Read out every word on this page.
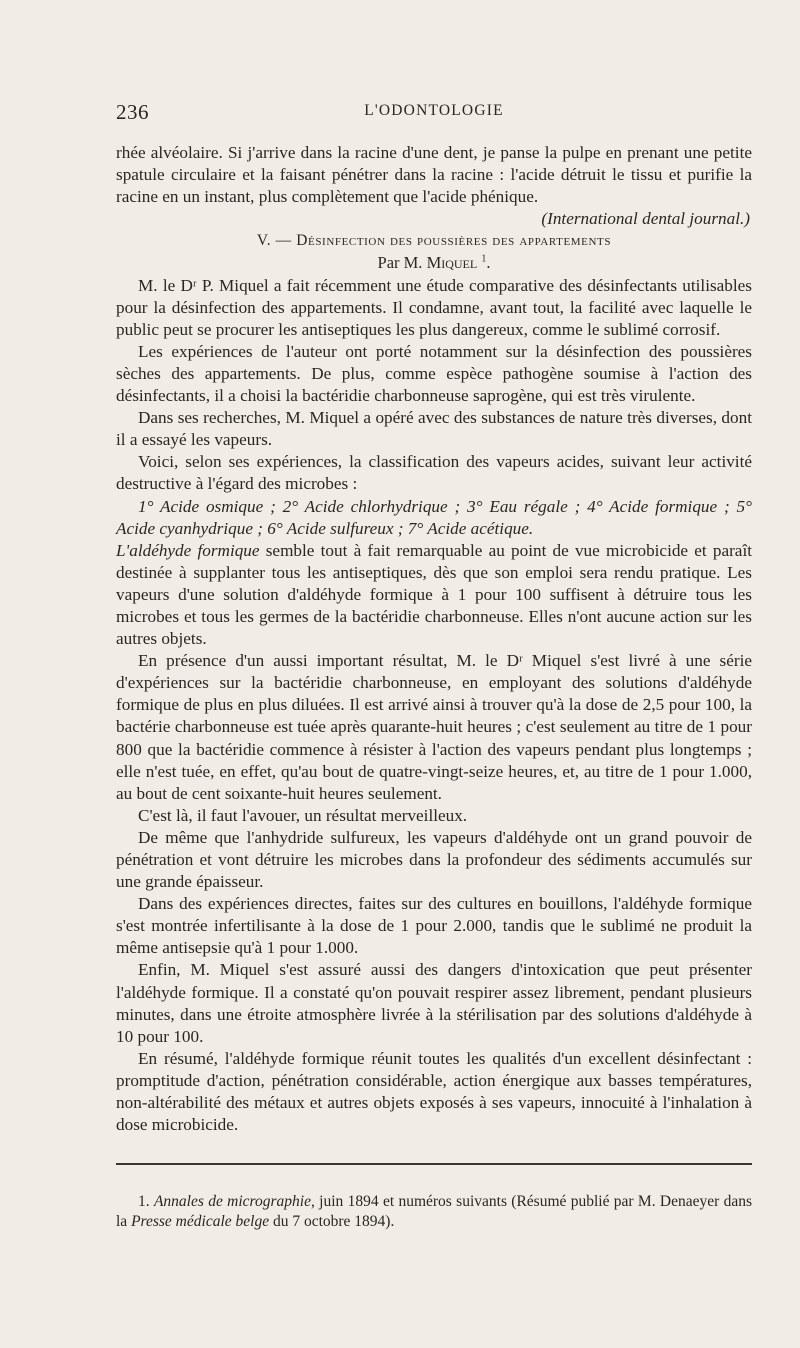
236	L'ODONTOLOGIE

rhée alvéolaire. Si j'arrive dans la racine d'une dent, je panse la pulpe en prenant une petite spatule circulaire et la faisant pénétrer dans la racine : l'acide détruit le tissu et purifie la racine en un instant, plus complètement que l'acide phénique.

(International dental journal.)

V. — Désinfection des poussières des appartements

Par M. Miquel $^1$.

M. le Dʳ P. Miquel a fait récemment une étude comparative des désinfectants utilisables pour la désinfection des appartements. Il condamne, avant tout, la facilité avec laquelle le public peut se procurer les antiseptiques les plus dangereux, comme le sublimé corrosif.

Les expériences de l'auteur ont porté notamment sur la désinfection des poussières sèches des appartements. De plus, comme espèce pathogène soumise à l'action des désinfectants, il a choisi la bactéridie charbonneuse saprogène, qui est très virulente.

Dans ses recherches, M. Miquel a opéré avec des substances de nature très diverses, dont il a essayé les vapeurs.

Voici, selon ses expériences, la classification des vapeurs acides, suivant leur activité destructive à l'égard des microbes :

1° Acide osmique ; 2° Acide chlorhydrique ; 3° Eau régale ; 4° Acide formique ; 5° Acide cyanhydrique ; 6° Acide sulfureux ; 7° Acide acétique.

L'aldéhyde formique semble tout à fait remarquable au point de vue microbicide et paraît destinée à supplanter tous les antiseptiques, dès que son emploi sera rendu pratique. Les vapeurs d'une solution d'aldéhyde formique à 1 pour 100 suffisent à détruire tous les microbes et tous les germes de la bactéridie charbonneuse. Elles n'ont aucune action sur les autres objets.

En présence d'un aussi important résultat, M. le Dʳ Miquel s'est livré à une série d'expériences sur la bactéridie charbonneuse, en employant des solutions d'aldéhyde formique de plus en plus diluées. Il est arrivé ainsi à trouver qu'à la dose de 2,5 pour 100, la bactérie charbonneuse est tuée après quarante-huit heures ; c'est seulement au titre de 1 pour 800 que la bactéridie commence à résister à l'action des vapeurs pendant plus longtemps ; elle n'est tuée, en effet, qu'au bout de quatre-vingt-seize heures, et, au titre de 1 pour 1.000, au bout de cent soixante-huit heures seulement.

C'est là, il faut l'avouer, un résultat merveilleux.

De même que l'anhydride sulfureux, les vapeurs d'aldéhyde ont un grand pouvoir de pénétration et vont détruire les microbes dans la profondeur des sédiments accumulés sur une grande épaisseur.

Dans des expériences directes, faites sur des cultures en bouillons, l'aldéhyde formique s'est montrée infertilisante à la dose de 1 pour 2.000, tandis que le sublimé ne produit la même antisepsie qu'à 1 pour 1.000.

Enfin, M. Miquel s'est assuré aussi des dangers d'intoxication que peut présenter l'aldéhyde formique. Il a constaté qu'on pouvait respirer assez librement, pendant plusieurs minutes, dans une étroite atmosphère livrée à la stérilisation par des solutions d'aldéhyde à 10 pour 100.

En résumé, l'aldéhyde formique réunit toutes les qualités d'un excellent désinfectant : promptitude d'action, pénétration considérable, action énergique aux basses températures, non-altérabilité des métaux et autres objets exposés à ses vapeurs, innocuité à l'inhalation à dose microbicide.

1. Annales de micrographie, juin 1894 et numéros suivants (Résumé publié par M. Denaeyer dans la Presse médicale belge du 7 octobre 1894).
